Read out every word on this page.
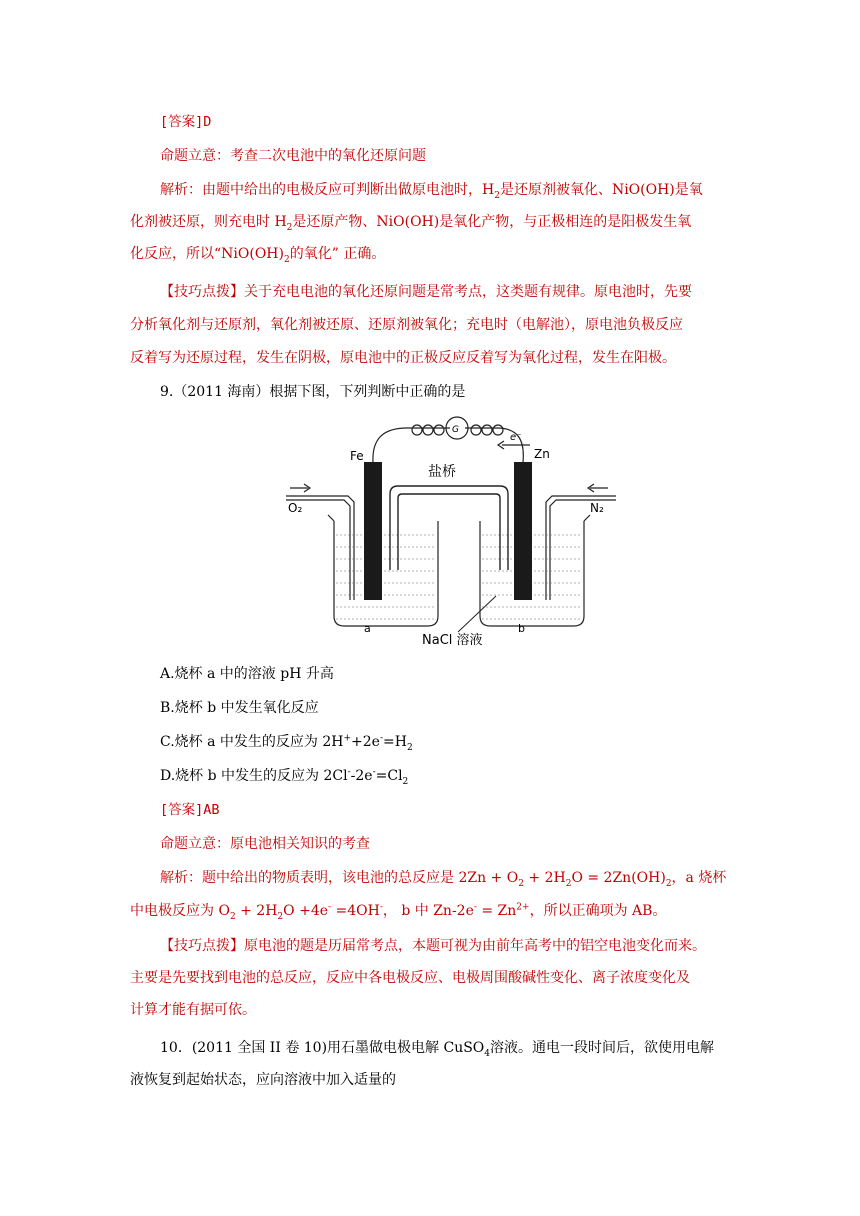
[答案]D
命题立意：考查二次电池中的氧化还原问题
解析：由题中给出的电极反应可判断出做原电池时，$H_2$是还原剂被氧化、NiO(OH)是氧
化剂被还原，则充电时 $H_2$是还原产物、NiO(OH)是氧化产物，与正极相连的是阳极发生氧
化反应，所以“$NiO(OH)_2$的氧化” 正确。
【技巧点拨】关于充电电池的氧化还原问题是常考点，这类题有规律。原电池时，先要
分析氧化剂与还原剂，氧化剂被还原、还原剂被氧化；充电时（电解池），原电池负极反应
反着写为还原过程，发生在阴极，原电池中的正极反应反着写为氧化过程，发生在阳极。
9.（2011 海南）根据下图，下列判断中正确的是
Fe	Zn
盐桥
O₂	N₂
G
e⁻
a	b
NaCl 溶液
A.烧杯 a 中的溶液 pH 升高
B.烧杯 b 中发生氧化反应
C.烧杯 a 中发生的反应为 $2H^++2e^-=H_2$
D.烧杯 b 中发生的反应为 $2Cl^--2e^-=Cl_2$
[答案]AB
命题立意：原电池相关知识的考查
解析：题中给出的物质表明，该电池的总反应是 $2Zn + O_2 + 2H_2O = 2Zn(OH)_2$，a 烧杯
中电极反应为 $O_2 + 2H_2O +4e^- =4OH^-$， b 中 $Zn-2e^- = Zn^{2+}$，所以正确项为 AB。
【技巧点拨】原电池的题是历届常考点，本题可视为由前年高考中的铝空电池变化而来。
主要是先要找到电池的总反应，反应中各电极反应、电极周围酸碱性变化、离子浓度变化及
计算才能有据可依。
10．(2011 全国 II 卷 10)用石墨做电极电解 CuSO$_4$溶液。通电一段时间后，欲使用电解
液恢复到起始状态，应向溶液中加入适量的
